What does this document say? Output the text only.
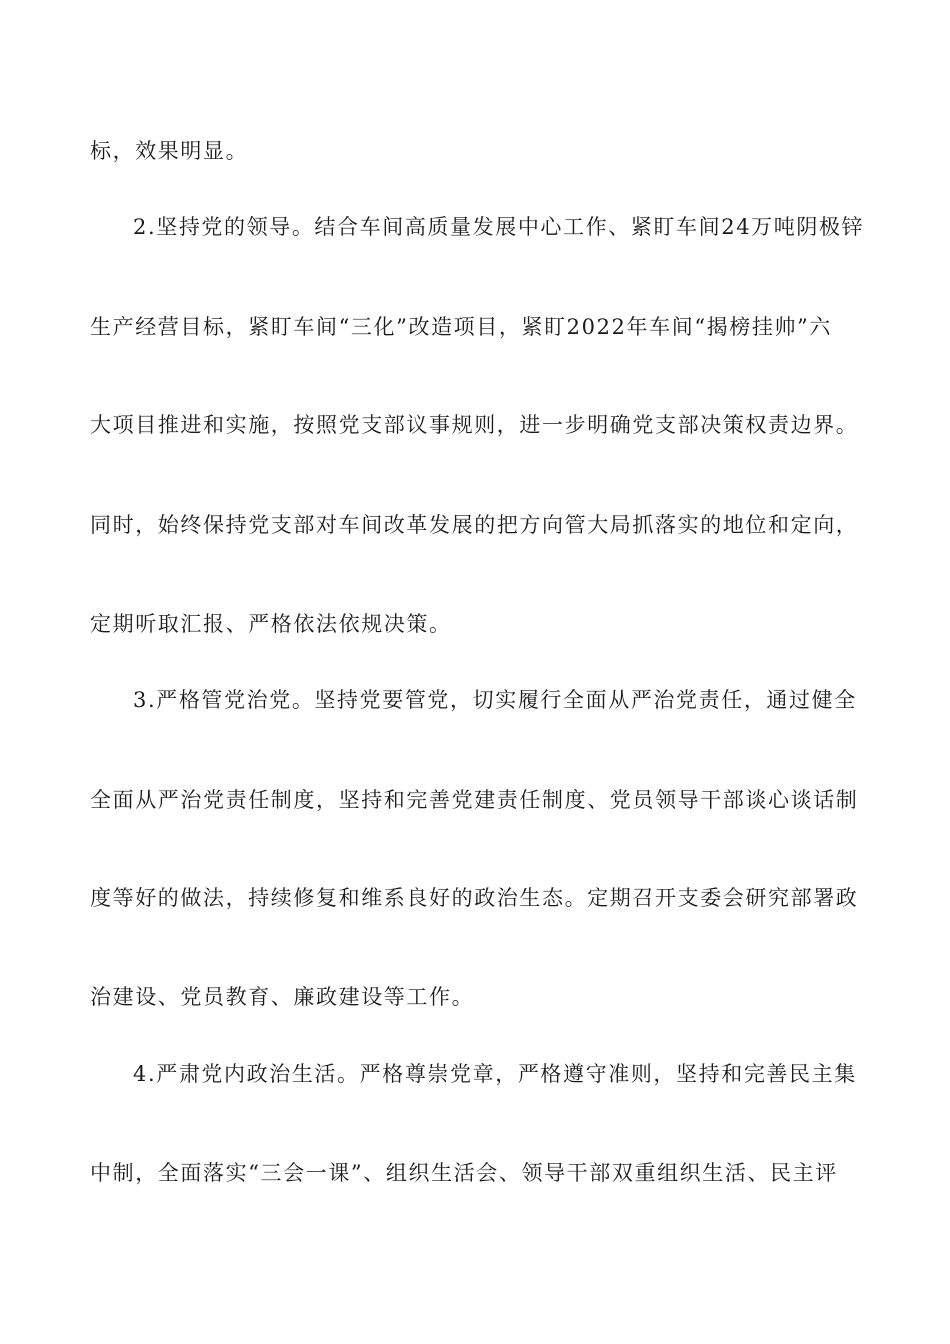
标，效果明显。
2.坚持党的领导。结合车间高质量发展中心工作、紧盯车间24万吨阴极锌
生产经营目标，紧盯车间“三化”改造项目，紧盯2022年车间“揭榜挂帅”六
大项目推进和实施，按照党支部议事规则，进一步明确党支部决策权责边界。
同时，始终保持党支部对车间改革发展的把方向管大局抓落实的地位和定向，
定期听取汇报、严格依法依规决策。
3.严格管党治党。坚持党要管党，切实履行全面从严治党责任，通过健全
全面从严治党责任制度，坚持和完善党建责任制度、党员领导干部谈心谈话制
度等好的做法，持续修复和维系良好的政治生态。定期召开支委会研究部署政
治建设、党员教育、廉政建设等工作。
4.严肃党内政治生活。严格尊崇党章，严格遵守准则，坚持和完善民主集
中制，全面落实“三会一课”、组织生活会、领导干部双重组织生活、民主评
